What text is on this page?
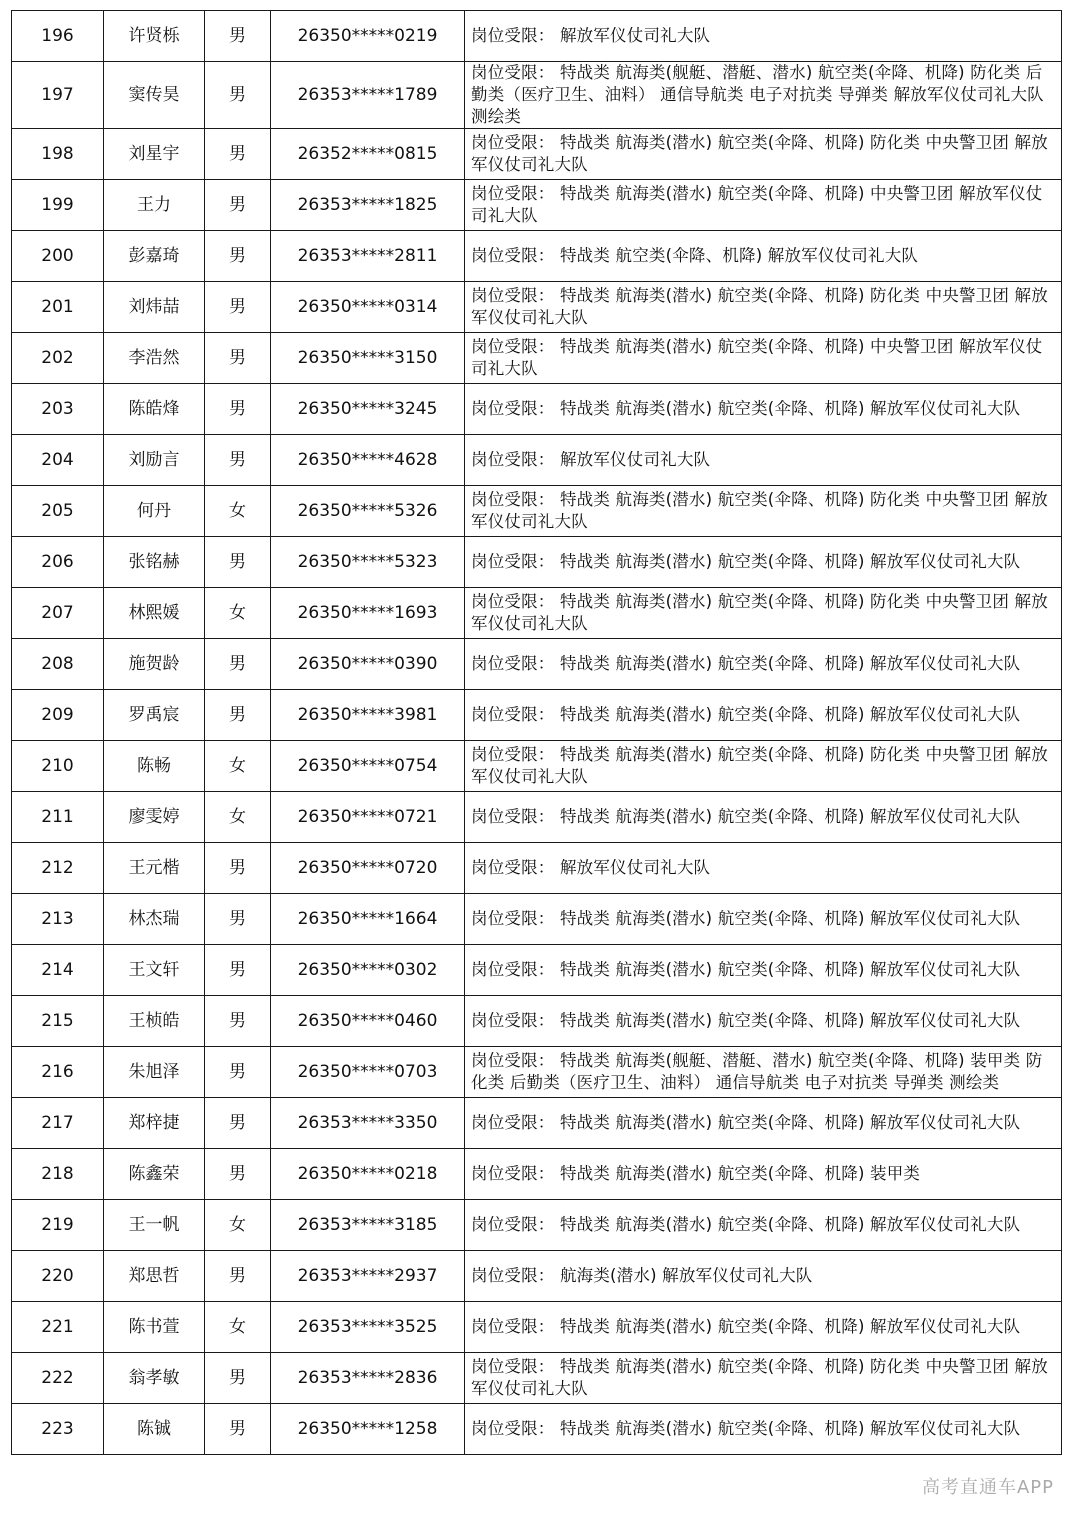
196	许贤栎	男	26350*****0219	岗位受限： 解放军仪仗司礼大队
197	窦传昊	男	26353*****1789	岗位受限： 特战类 航海类(舰艇、潜艇、潜水) 航空类(伞降、机降) 防化类 后勤类（医疗卫生、油料） 通信导航类 电子对抗类 导弹类 解放军仪仗司礼大队 测绘类
198	刘星宇	男	26352*****0815	岗位受限： 特战类 航海类(潜水) 航空类(伞降、机降) 防化类 中央警卫团 解放军仪仗司礼大队
199	王力	男	26353*****1825	岗位受限： 特战类 航海类(潜水) 航空类(伞降、机降) 中央警卫团 解放军仪仗司礼大队
200	彭嘉琦	男	26353*****2811	岗位受限： 特战类 航空类(伞降、机降) 解放军仪仗司礼大队
201	刘炜喆	男	26350*****0314	岗位受限： 特战类 航海类(潜水) 航空类(伞降、机降) 防化类 中央警卫团 解放军仪仗司礼大队
202	李浩然	男	26350*****3150	岗位受限： 特战类 航海类(潜水) 航空类(伞降、机降) 中央警卫团 解放军仪仗司礼大队
203	陈皓烽	男	26350*****3245	岗位受限： 特战类 航海类(潜水) 航空类(伞降、机降) 解放军仪仗司礼大队
204	刘励言	男	26350*****4628	岗位受限： 解放军仪仗司礼大队
205	何丹	女	26350*****5326	岗位受限： 特战类 航海类(潜水) 航空类(伞降、机降) 防化类 中央警卫团 解放军仪仗司礼大队
206	张铭赫	男	26350*****5323	岗位受限： 特战类 航海类(潜水) 航空类(伞降、机降) 解放军仪仗司礼大队
207	林熙媛	女	26350*****1693	岗位受限： 特战类 航海类(潜水) 航空类(伞降、机降) 防化类 中央警卫团 解放军仪仗司礼大队
208	施贺龄	男	26350*****0390	岗位受限： 特战类 航海类(潜水) 航空类(伞降、机降) 解放军仪仗司礼大队
209	罗禹宸	男	26350*****3981	岗位受限： 特战类 航海类(潜水) 航空类(伞降、机降) 解放军仪仗司礼大队
210	陈畅	女	26350*****0754	岗位受限： 特战类 航海类(潜水) 航空类(伞降、机降) 防化类 中央警卫团 解放军仪仗司礼大队
211	廖雯婷	女	26350*****0721	岗位受限： 特战类 航海类(潜水) 航空类(伞降、机降) 解放军仪仗司礼大队
212	王元楷	男	26350*****0720	岗位受限： 解放军仪仗司礼大队
213	林杰瑞	男	26350*****1664	岗位受限： 特战类 航海类(潜水) 航空类(伞降、机降) 解放军仪仗司礼大队
214	王文轩	男	26350*****0302	岗位受限： 特战类 航海类(潜水) 航空类(伞降、机降) 解放军仪仗司礼大队
215	王桢皓	男	26350*****0460	岗位受限： 特战类 航海类(潜水) 航空类(伞降、机降) 解放军仪仗司礼大队
216	朱旭泽	男	26350*****0703	岗位受限： 特战类 航海类(舰艇、潜艇、潜水) 航空类(伞降、机降) 装甲类 防化类 后勤类（医疗卫生、油料） 通信导航类 电子对抗类 导弹类 测绘类
217	郑梓捷	男	26353*****3350	岗位受限： 特战类 航海类(潜水) 航空类(伞降、机降) 解放军仪仗司礼大队
218	陈鑫荣	男	26350*****0218	岗位受限： 特战类 航海类(潜水) 航空类(伞降、机降) 装甲类
219	王一帆	女	26353*****3185	岗位受限： 特战类 航海类(潜水) 航空类(伞降、机降) 解放军仪仗司礼大队
220	郑思哲	男	26353*****2937	岗位受限： 航海类(潜水) 解放军仪仗司礼大队
221	陈书萱	女	26353*****3525	岗位受限： 特战类 航海类(潜水) 航空类(伞降、机降) 解放军仪仗司礼大队
222	翁孝敏	男	26353*****2836	岗位受限： 特战类 航海类(潜水) 航空类(伞降、机降) 防化类 中央警卫团 解放军仪仗司礼大队
223	陈铖	男	26350*****1258	岗位受限： 特战类 航海类(潜水) 航空类(伞降、机降) 解放军仪仗司礼大队
高考直通车APP
